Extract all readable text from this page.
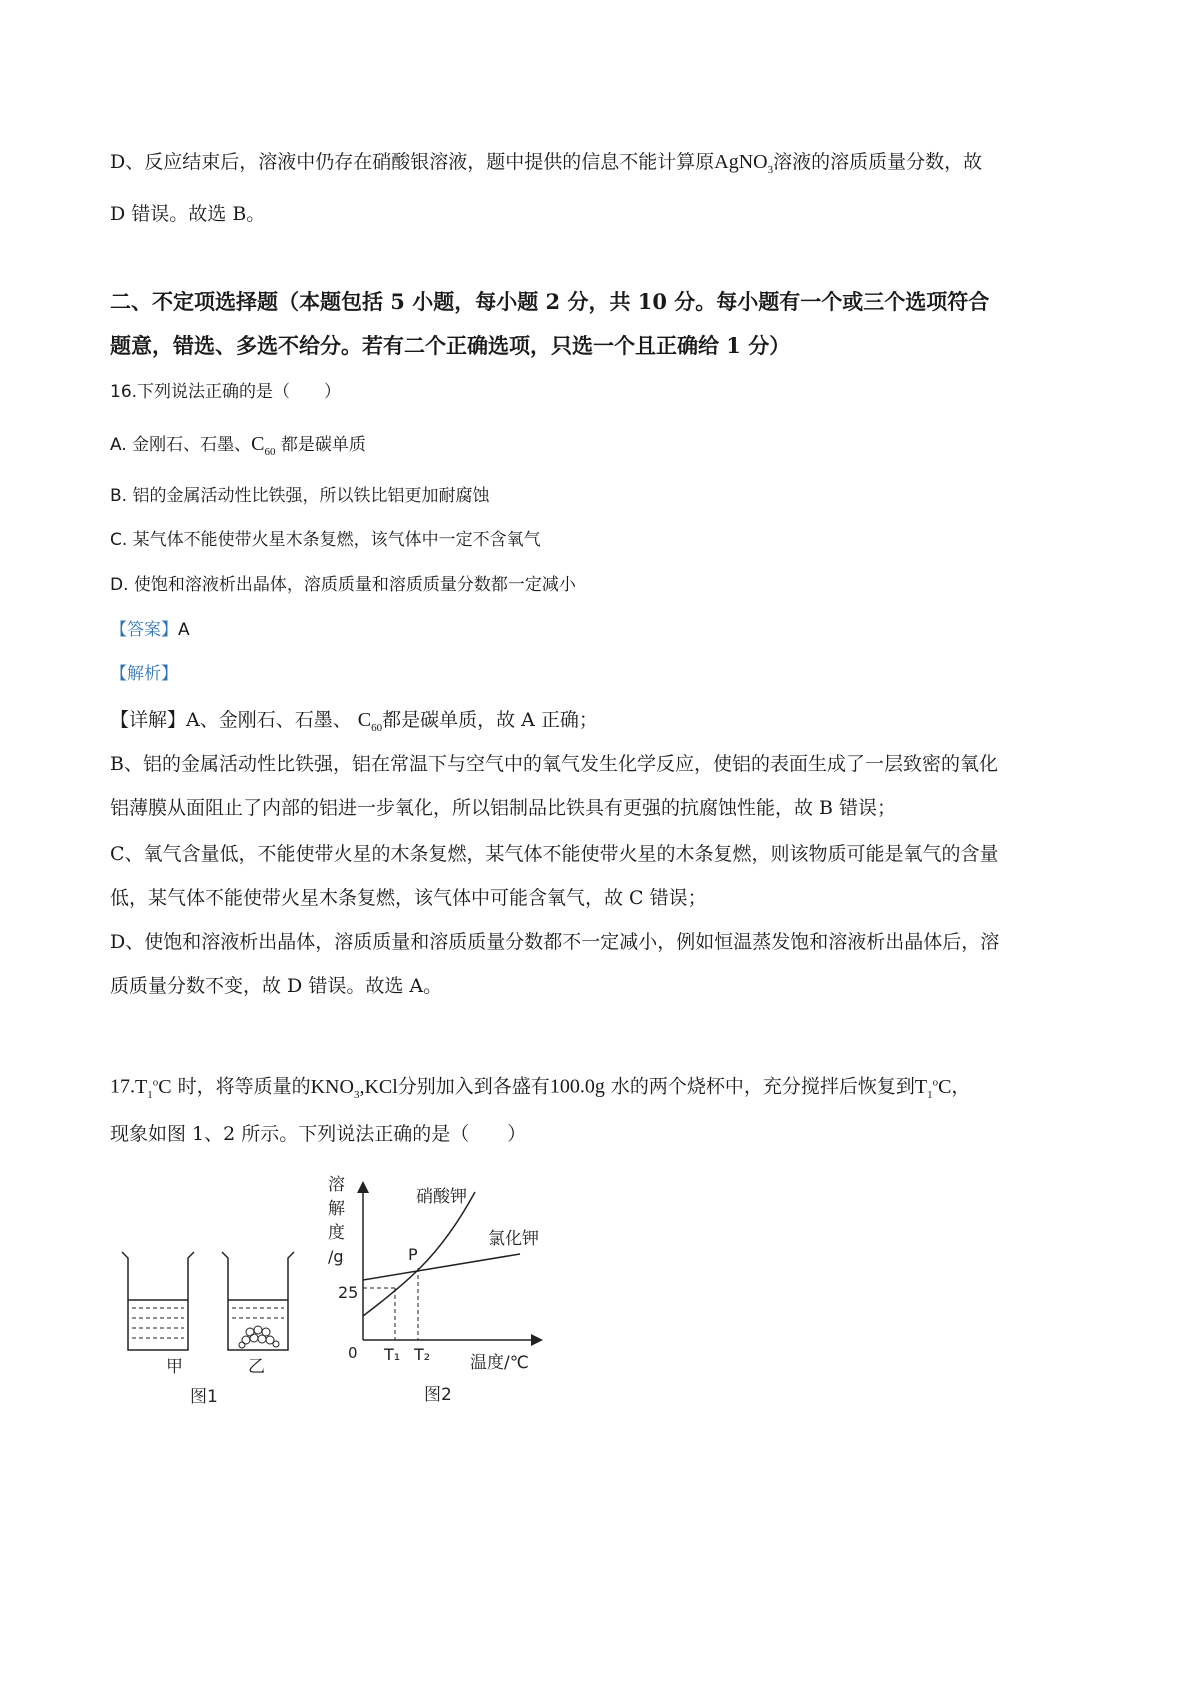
D、反应结束后，溶液中仍存在硝酸银溶液，题中提供的信息不能计算原AgNO$_3$溶液的溶质质量分数，故
D 错误。故选 B。
二、不定项选择题（本题包括 5 小题，每小题 2 分，共 10 分。每小题有一个或三个选项符合
题意，错选、多选不给分。若有二个正确选项，只选一个且正确给 1 分）
16.下列说法正确的是（　　）
A. 金刚石、石墨、$C_{60}$ 都是碳单质
B. 铝的金属活动性比铁强，所以铁比铝更加耐腐蚀
C. 某气体不能使带火星木条复燃，该气体中一定不含氧气
D. 使饱和溶液析出晶体，溶质质量和溶质质量分数都一定减小
【答案】A
【解析】
【详解】A、金刚石、石墨、 $C_{60}$都是碳单质，故 A 正确；
B、铝的金属活动性比铁强，铝在常温下与空气中的氧气发生化学反应，使铝的表面生成了一层致密的氧化
铝薄膜从面阻止了内部的铝进一步氧化，所以铝制品比铁具有更强的抗腐蚀性能，故 B 错误；
C、氧气含量低，不能使带火星的木条复燃，某气体不能使带火星的木条复燃，则该物质可能是氧气的含量
低，某气体不能使带火星木条复燃，该气体中可能含氧气，故 C 错误；
D、使饱和溶液析出晶体，溶质质量和溶质质量分数都不一定减小，例如恒温蒸发饱和溶液析出晶体后，溶
质质量分数不变，故 D 错误。故选 A。
$17.T_1^oC$ 时，将等质量的$KNO_3,KCl$分别加入到各盛有100.0g 水的两个烧杯中，充分搅拌后恢复到$T_1^oC$，
现象如图 1、2 所示。下列说法正确的是（　　）
甲	乙
图1
溶
解
度
/g
25
0 T₁ T₂ 温度/℃
P
硝酸钾
氯化钾
图2
